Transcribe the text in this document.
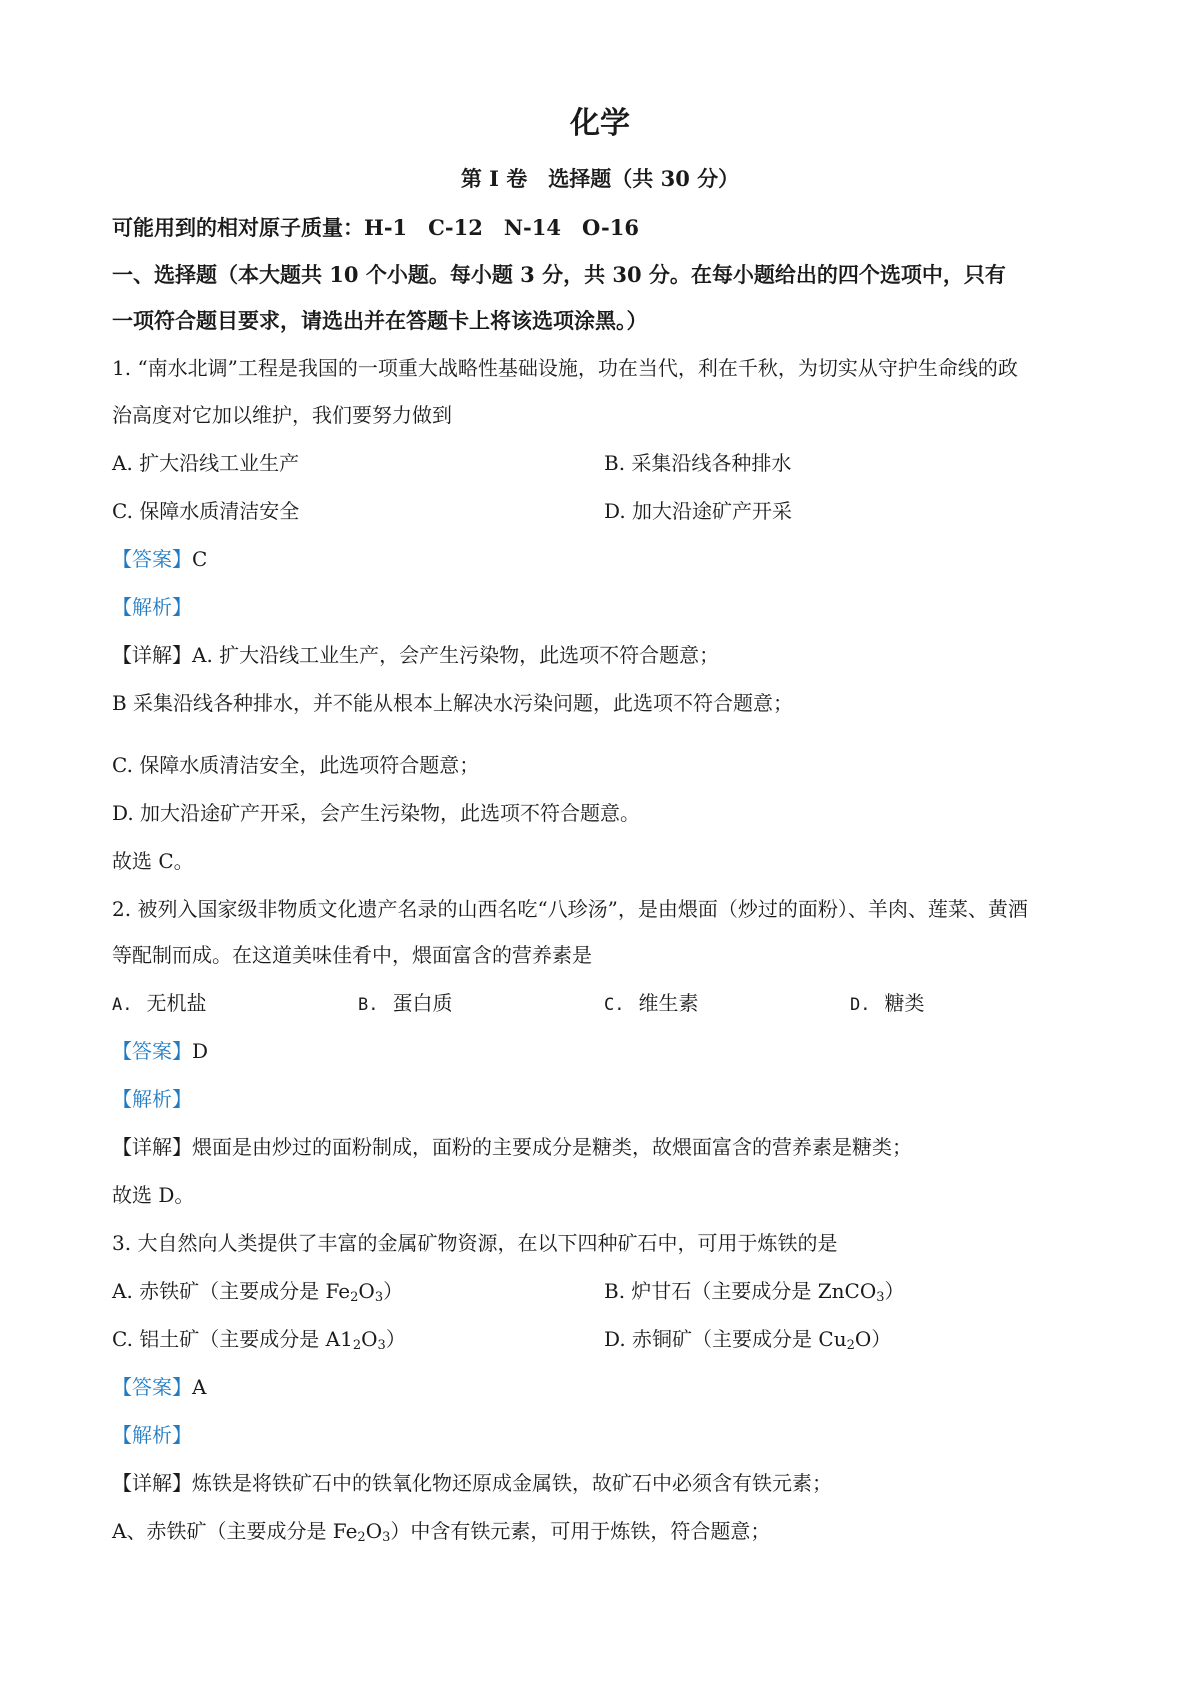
化学
第 I 卷　选择题（共 30 分）
可能用到的相对原子质量：H-1　C-12　N-14　O-16
一、选择题（本大题共 10 个小题。每小题 3 分，共 30 分。在每小题给出的四个选项中，只有
一项符合题目要求，请选出并在答题卡上将该选项涂黑。）
1. “南水北调”工程是我国的一项重大战略性基础设施，功在当代，利在千秋，为切实从守护生命线的政
治高度对它加以维护，我们要努力做到
A. 扩大沿线工业生产	B. 采集沿线各种排水
C. 保障水质清洁安全	D. 加大沿途矿产开采
【答案】C
【解析】
【详解】A. 扩大沿线工业生产，会产生污染物，此选项不符合题意；
B 采集沿线各种排水，并不能从根本上解决水污染问题，此选项不符合题意；
C. 保障水质清洁安全，此选项符合题意；
D. 加大沿途矿产开采，会产生污染物，此选项不符合题意。
故选 C。
2. 被列入国家级非物质文化遗产名录的山西名吃“八珍汤”，是由煨面（炒过的面粉）、羊肉、莲菜、黄酒
等配制而成。在这道美味佳肴中，煨面富含的营养素是
A. 无机盐	B. 蛋白质	C. 维生素	D. 糖类
【答案】D
【解析】
【详解】煨面是由炒过的面粉制成，面粉的主要成分是糖类，故煨面富含的营养素是糖类；
故选 D。
3. 大自然向人类提供了丰富的金属矿物资源，在以下四种矿石中，可用于炼铁的是
A. 赤铁矿（主要成分是 $Fe_2O_3$）	B. 炉甘石（主要成分是 ZnCO$_3$）
C. 铝土矿（主要成分是 $A1_2O_3$）	D. 赤铜矿（主要成分是 $Cu_2O$）
【答案】A
【解析】
【详解】炼铁是将铁矿石中的铁氧化物还原成金属铁，故矿石中必须含有铁元素；
A、赤铁矿（主要成分是 $Fe_2O_3$）中含有铁元素，可用于炼铁，符合题意；
